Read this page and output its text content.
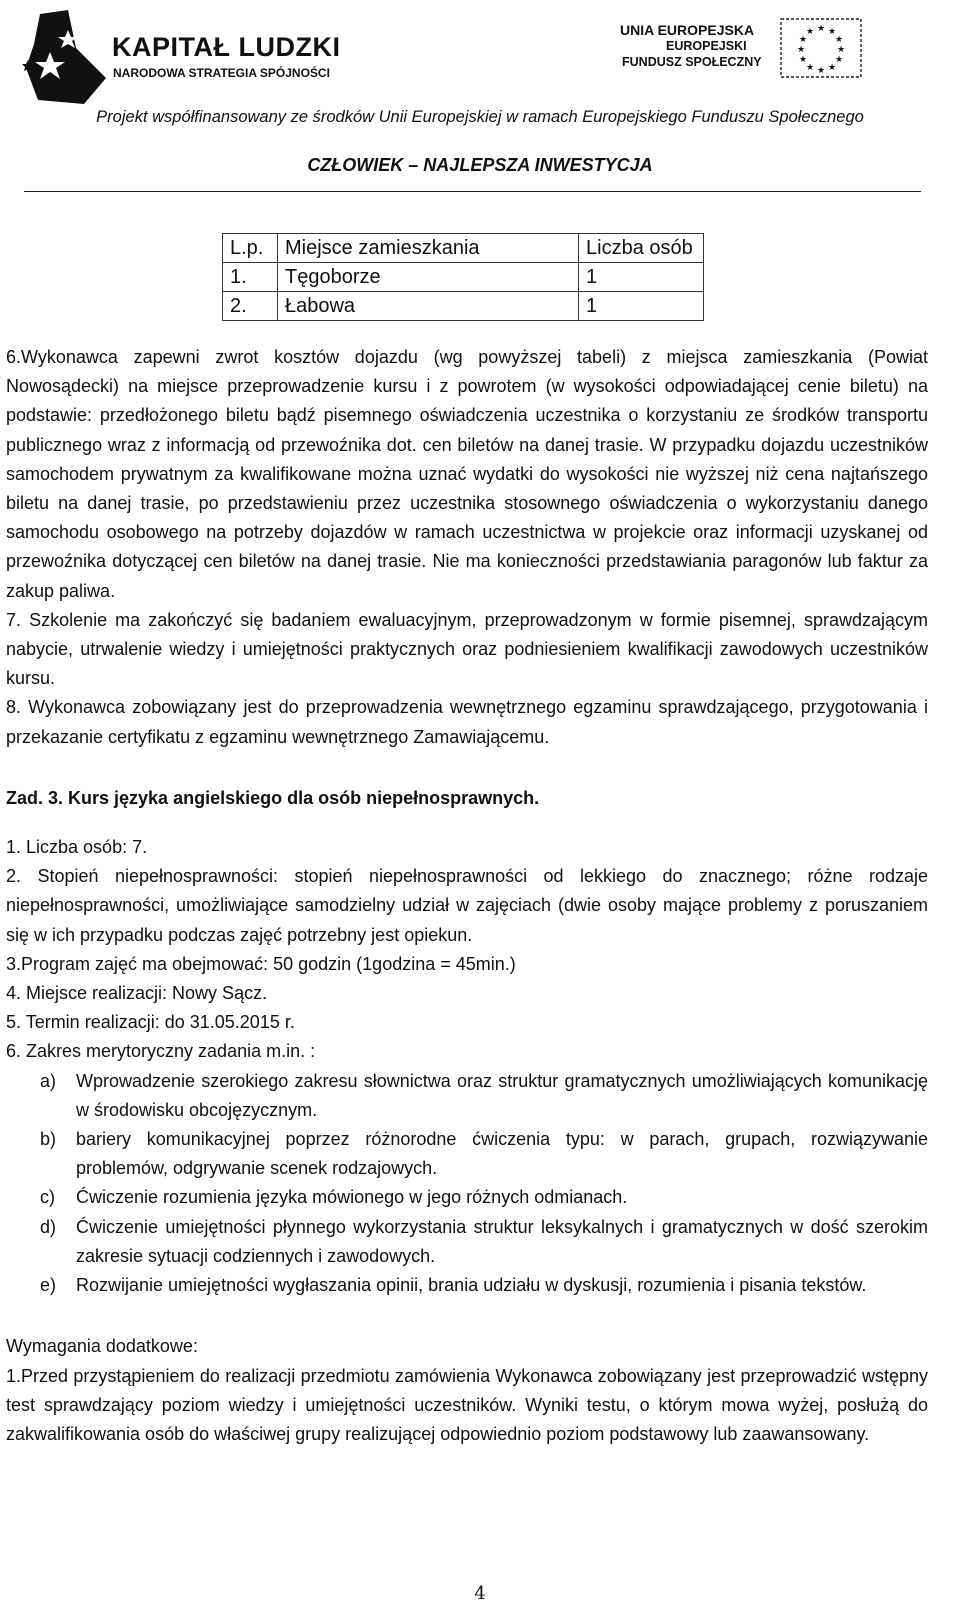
KAPITAŁ LUDZKI
NARODOWA STRATEGIA SPÓJNOŚCI
UNIA EUROPEJSKA
EUROPEJSKI
FUNDUSZ SPOŁECZNY
★ ★
★
★
★
★
★
★
★
★
★
★
Projekt współfinansowany ze środków Unii Europejskiej w ramach Europejskiego Funduszu Społecznego
CZŁOWIEK – NAJLEPSZA INWESTYCJA
L.p.	Miejsce zamieszkania	Liczba osób
1.	Tęgoborze	1
2.	Łabowa	1

6.Wykonawca zapewni zwrot kosztów dojazdu (wg powyższej tabeli) z miejsca zamieszkania (Powiat Nowosądecki) na miejsce przeprowadzenie kursu i z powrotem (w wysokości odpowiadającej cenie biletu) na podstawie: przedłożonego biletu bądź pisemnego oświadczenia uczestnika o korzystaniu ze środków transportu publicznego wraz z informacją od przewoźnika dot. cen biletów na danej trasie. W przypadku dojazdu uczestników samochodem prywatnym za kwalifikowane można uznać wydatki do wysokości nie wyższej niż cena najtańszego biletu na danej trasie, po przedstawieniu przez uczestnika stosownego oświadczenia o wykorzystaniu danego samochodu osobowego na potrzeby dojazdów w ramach uczestnictwa w projekcie oraz informacji uzyskanej od przewoźnika dotyczącej cen biletów na danej trasie. Nie ma konieczności przedstawiania paragonów lub faktur za zakup paliwa.

7. Szkolenie ma zakończyć się badaniem ewaluacyjnym, przeprowadzonym w formie pisemnej, sprawdzającym nabycie, utrwalenie wiedzy i umiejętności praktycznych oraz podniesieniem kwalifikacji zawodowych uczestników kursu.

8. Wykonawca zobowiązany jest do przeprowadzenia wewnętrznego egzaminu sprawdzającego, przygotowania i przekazanie certyfikatu z egzaminu wewnętrznego Zamawiającemu.

Zad. 3. Kurs języka angielskiego dla osób niepełnosprawnych.

1. Liczba osób: 7.

2. Stopień niepełnosprawności: stopień niepełnosprawności od lekkiego do znacznego; różne rodzaje niepełnosprawności, umożliwiające samodzielny udział w zajęciach (dwie osoby mające problemy z poruszaniem się w ich przypadku podczas zajęć potrzebny jest opiekun.

3.Program zajęć ma obejmować: 50 godzin (1godzina = 45min.)

4. Miejsce realizacji: Nowy Sącz.

5. Termin realizacji: do 31.05.2015 r.

6. Zakres merytoryczny zadania m.in. :

a)	Wprowadzenie szerokiego zakresu słownictwa oraz struktur gramatycznych umożliwiających komunikację w środowisku obcojęzycznym.
b)	bariery komunikacyjnej poprzez różnorodne ćwiczenia typu: w parach, grupach, rozwiązywanie problemów, odgrywanie scenek rodzajowych.
c)	Ćwiczenie rozumienia języka mówionego w jego różnych odmianach.
d)	Ćwiczenie umiejętności płynnego wykorzystania struktur leksykalnych i gramatycznych w dość szerokim zakresie sytuacji codziennych i zawodowych.
e)	Rozwijanie umiejętności wygłaszania opinii, brania udziału w dyskusji, rozumienia i pisania tekstów.

Wymagania dodatkowe:

1.Przed przystąpieniem do realizacji przedmiotu zamówienia Wykonawca zobowiązany jest przeprowadzić wstępny test sprawdzający poziom wiedzy i umiejętności uczestników. Wyniki testu, o którym mowa wyżej, posłużą do zakwalifikowania osób do właściwej grupy realizującej odpowiednio poziom podstawowy lub zaawansowany.

4
